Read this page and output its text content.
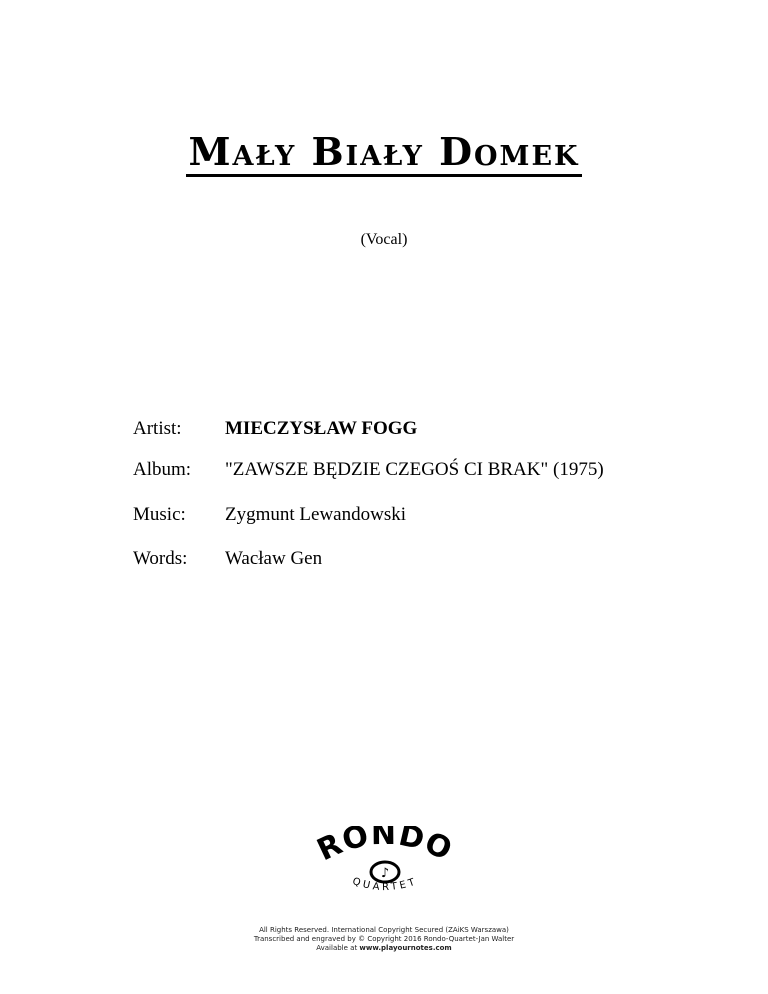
Mały Biały Domek
(Vocal)
Artist: MIECZYSŁAW FOGG
Album: "ZAWSZE BĘDZIE CZEGOŚ CI BRAK" (1975)
Music: Zygmunt Lewandowski
Words: Wacław Gen
RONDO
♪
QUARTET
All Rights Reserved. International Copyright Secured (ZAiKS Warszawa)
Transcribed and engraved by © Copyright 2016 Rondo-Quartet-Jan Walter
Available at www.playournotes.com
